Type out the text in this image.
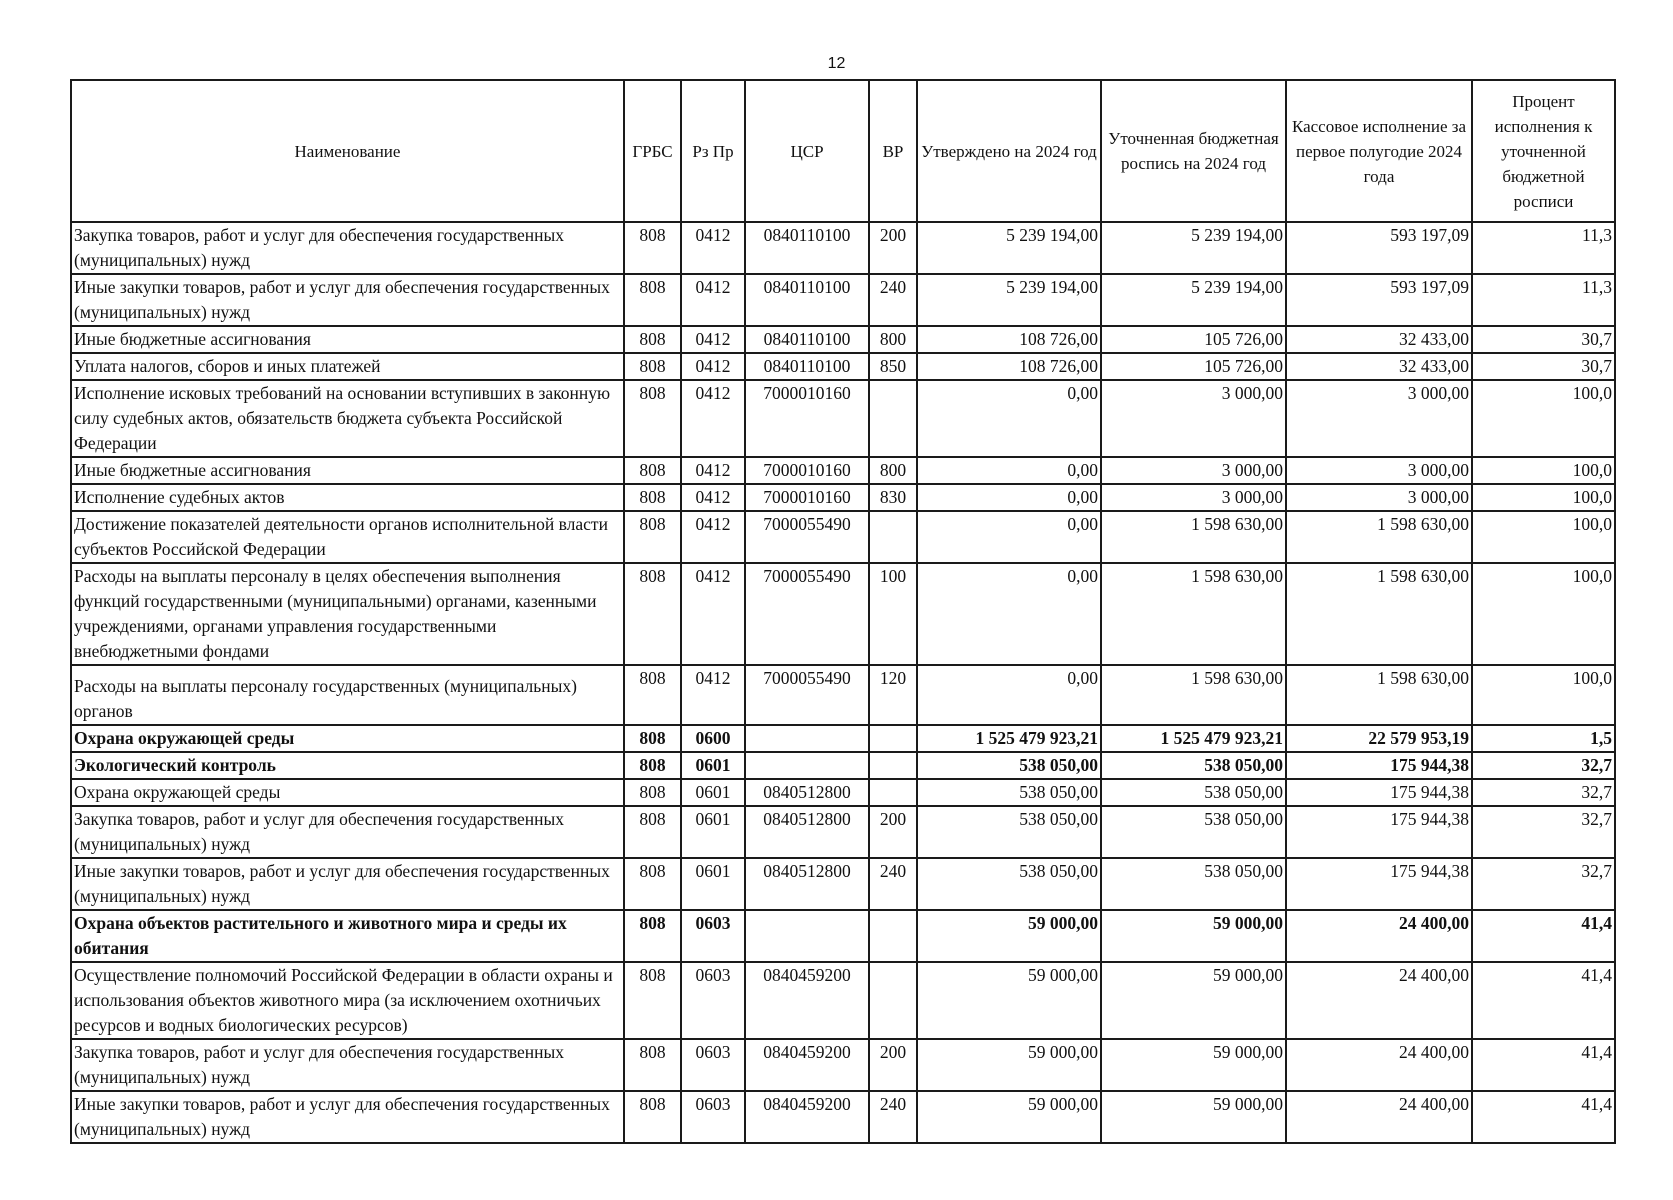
12
Наименование	ГРБС	Рз Пр	ЦСР	ВР	Утверждено на 2024 год	Уточненная бюджетная роспись на 2024 год	Кассовое исполнение за первое полугодие 2024 года	Процент исполнения к уточненной бюджетной росписи
Закупка товаров, работ и услуг для обеспечения государственных (муниципальных) нужд	808	0412	0840110100	200	5 239 194,00	5 239 194,00	593 197,09	11,3
Иные закупки товаров, работ и услуг для обеспечения государственных (муниципальных) нужд	808	0412	0840110100	240	5 239 194,00	5 239 194,00	593 197,09	11,3
Иные бюджетные ассигнования	808	0412	0840110100	800	108 726,00	105 726,00	32 433,00	30,7
Уплата налогов, сборов и иных платежей	808	0412	0840110100	850	108 726,00	105 726,00	32 433,00	30,7
Исполнение исковых требований на основании вступивших в законную силу судебных актов, обязательств бюджета субъекта Российской Федерации	808	0412	7000010160		0,00	3 000,00	3 000,00	100,0
Иные бюджетные ассигнования	808	0412	7000010160	800	0,00	3 000,00	3 000,00	100,0
Исполнение судебных актов	808	0412	7000010160	830	0,00	3 000,00	3 000,00	100,0
Достижение показателей деятельности органов исполнительной власти субъектов Российской Федерации	808	0412	7000055490		0,00	1 598 630,00	1 598 630,00	100,0
Расходы на выплаты персоналу в целях обеспечения выполнения функций государственными (муниципальными) органами, казенными учреждениями, органами управления государственными внебюджетными фондами	808	0412	7000055490	100	0,00	1 598 630,00	1 598 630,00	100,0
Расходы на выплаты персоналу государственных (муниципальных) органов	808	0412	7000055490	120	0,00	1 598 630,00	1 598 630,00	100,0
Охрана окружающей среды	808	0600			1 525 479 923,21	1 525 479 923,21	22 579 953,19	1,5
Экологический контроль	808	0601			538 050,00	538 050,00	175 944,38	32,7
Охрана окружающей среды	808	0601	0840512800		538 050,00	538 050,00	175 944,38	32,7
Закупка товаров, работ и услуг для обеспечения государственных (муниципальных) нужд	808	0601	0840512800	200	538 050,00	538 050,00	175 944,38	32,7
Иные закупки товаров, работ и услуг для обеспечения государственных (муниципальных) нужд	808	0601	0840512800	240	538 050,00	538 050,00	175 944,38	32,7
Охрана объектов растительного и животного мира и среды их обитания	808	0603			59 000,00	59 000,00	24 400,00	41,4
Осуществление полномочий Российской Федерации в области охраны и использования объектов животного мира (за исключением охотничьих ресурсов и водных биологических ресурсов)	808	0603	0840459200		59 000,00	59 000,00	24 400,00	41,4
Закупка товаров, работ и услуг для обеспечения государственных (муниципальных) нужд	808	0603	0840459200	200	59 000,00	59 000,00	24 400,00	41,4
Иные закупки товаров, работ и услуг для обеспечения государственных (муниципальных) нужд	808	0603	0840459200	240	59 000,00	59 000,00	24 400,00	41,4
